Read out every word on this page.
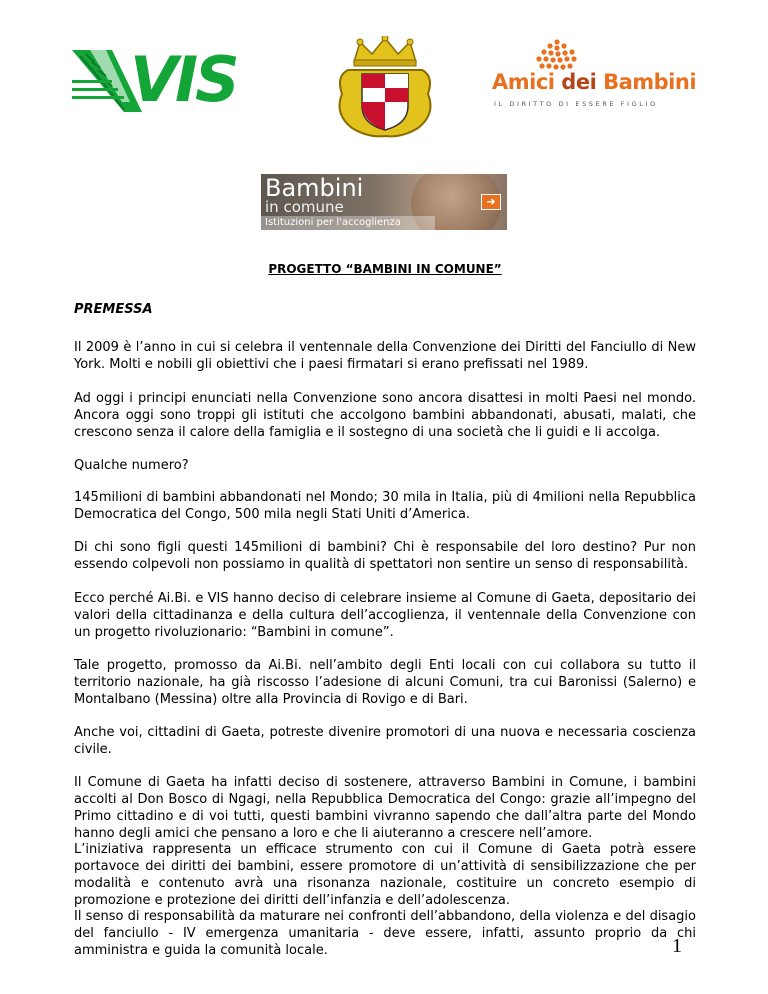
VIS	Amici dei Bambini
IL DIRITTO DI ESSERE FIGLIO
Bambini
in comune
Istituzioni per l'accoglienza
➜
PROGETTO “BAMBINI IN COMUNE”
PREMESSA
Il 2009 è l’anno in cui si celebra il ventennale della Convenzione dei Diritti del Fanciullo di New York. Molti e nobili gli obiettivi che i paesi firmatari si erano prefissati nel 1989.
Ad oggi i principi enunciati nella Convenzione sono ancora disattesi in molti Paesi nel mondo. Ancora oggi sono troppi gli istituti che accolgono bambini abbandonati, abusati, malati, che crescono senza il calore della famiglia e il sostegno di una società che li guidi e li accolga.
Qualche numero?
145milioni di bambini abbandonati nel Mondo; 30 mila in Italia, più di 4milioni nella Repubblica Democratica del Congo, 500 mila negli Stati Uniti d’America.
Di chi sono figli questi 145milioni di bambini? Chi è responsabile del loro destino? Pur non essendo colpevoli non possiamo in qualità di spettatori non sentire un senso di responsabilità.
Ecco perché Ai.Bi. e VIS hanno deciso di celebrare insieme al Comune di Gaeta, depositario dei valori della cittadinanza e della cultura dell’accoglienza, il ventennale della Convenzione con un progetto rivoluzionario: “Bambini in comune”.
Tale progetto, promosso da Ai.Bi. nell’ambito degli Enti locali con cui collabora su tutto il territorio nazionale, ha già riscosso l’adesione di alcuni Comuni, tra cui Baronissi (Salerno) e Montalbano (Messina) oltre alla Provincia di Rovigo e di Bari.
Anche voi, cittadini di Gaeta, potreste divenire promotori di una nuova e necessaria coscienza civile.
Il Comune di Gaeta ha infatti deciso di sostenere, attraverso Bambini in Comune, i bambini accolti al Don Bosco di Ngagi, nella Repubblica Democratica del Congo: grazie all’impegno del Primo cittadino e di voi tutti, questi bambini vivranno sapendo che dall’altra parte del Mondo hanno degli amici che pensano a loro e che li aiuteranno a crescere nell’amore.
L’iniziativa rappresenta un efficace strumento con cui il Comune di Gaeta potrà essere portavoce dei diritti dei bambini, essere promotore di un’attività di sensibilizzazione che per modalità e contenuto avrà una risonanza nazionale, costituire un concreto esempio di promozione e protezione dei diritti dell’infanzia e dell’adolescenza.
Il senso di responsabilità da maturare nei confronti dell’abbandono, della violenza e del disagio del fanciullo - IV emergenza umanitaria - deve essere, infatti, assunto proprio da chi amministra e guida la comunità locale.	1
